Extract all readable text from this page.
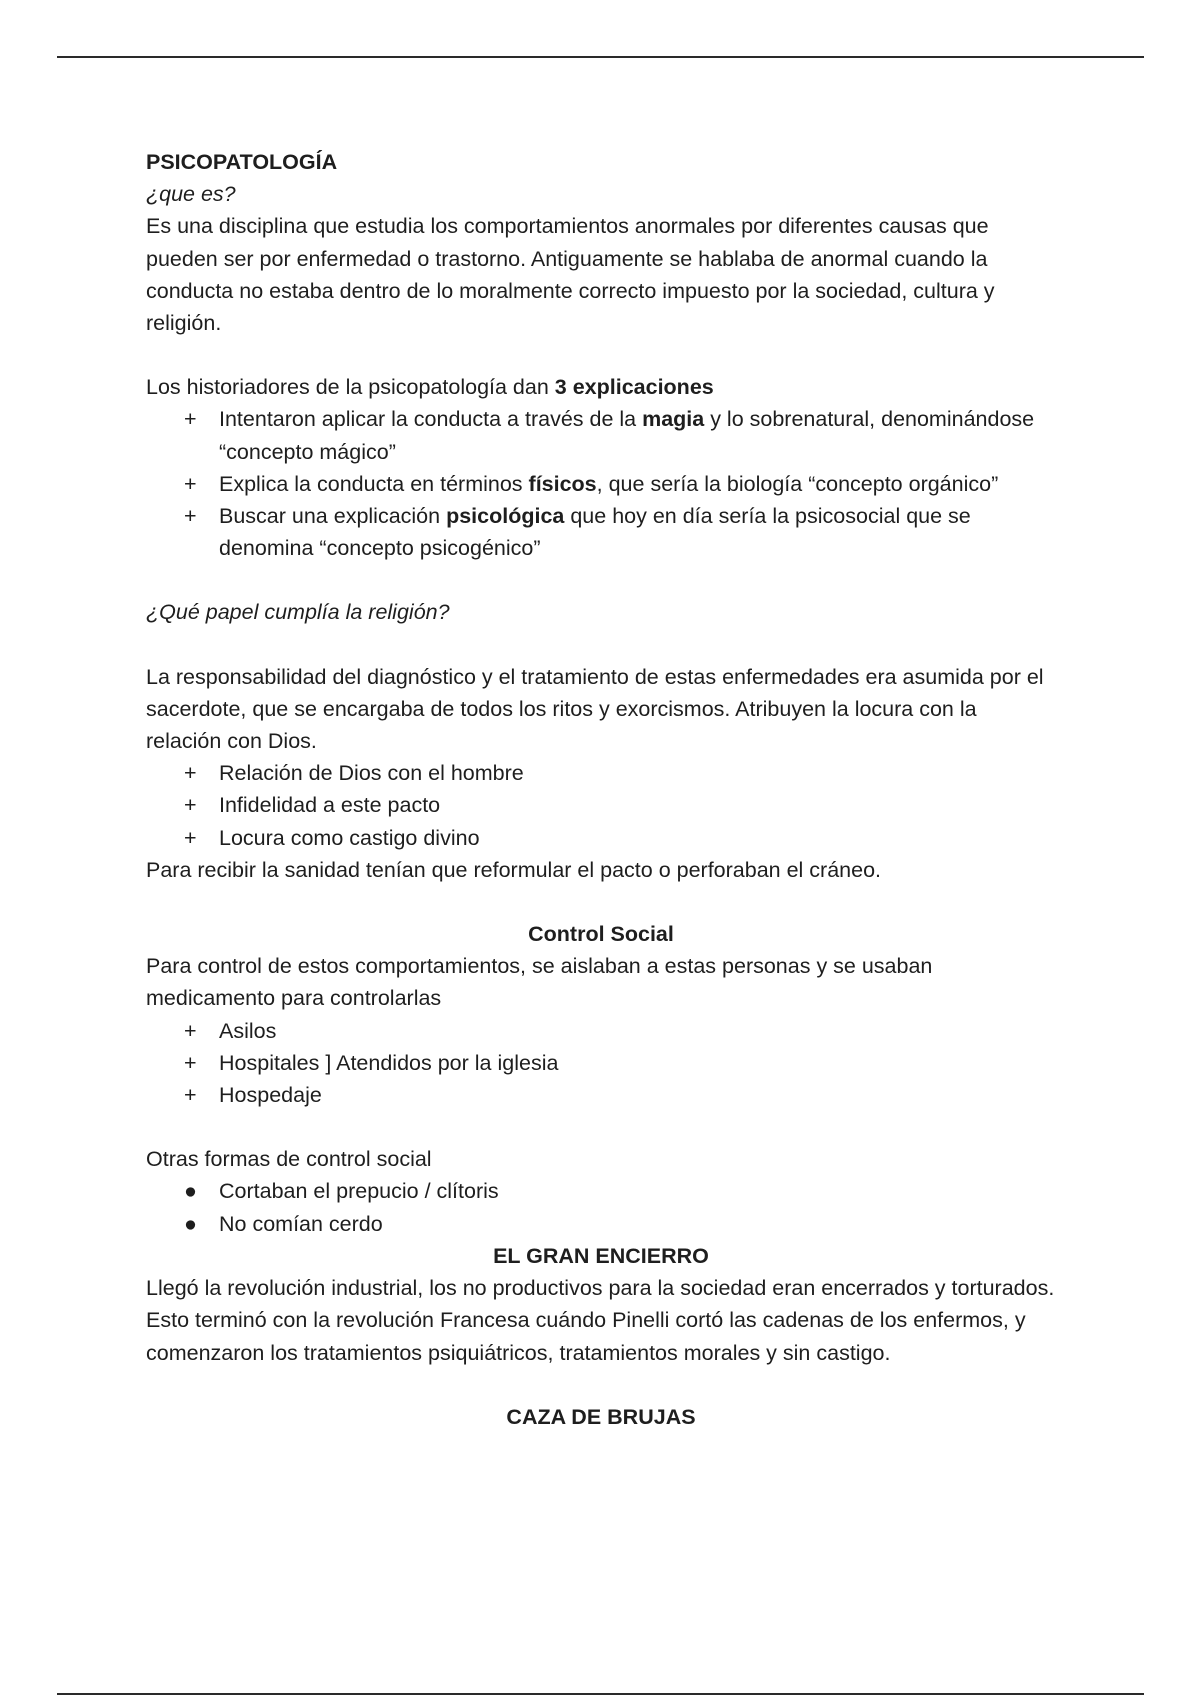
PSICOPATOLOGÍA

¿que es?

Es una disciplina que estudia los comportamientos anormales por diferentes causas que pueden ser por enfermedad o trastorno. Antiguamente se hablaba de anormal cuando la conducta no estaba dentro de lo moralmente correcto impuesto por la sociedad, cultura y religión.

Los historiadores de la psicopatología dan 3 explicaciones

+	Intentaron aplicar la conducta a través de la magia y lo sobrenatural, denominándose “concepto mágico”
+	Explica la conducta en términos físicos, que sería la biología “concepto orgánico”
+	Buscar una explicación psicológica que hoy en día sería la psicosocial que se denomina “concepto psicogénico”

¿Qué papel cumplía la religión?

La responsabilidad del diagnóstico y el tratamiento de estas enfermedades era asumida por el sacerdote, que se encargaba de todos los ritos y exorcismos. Atribuyen la locura con la relación con Dios.

+	Relación de Dios con el hombre
+	Infidelidad a este pacto
+	Locura como castigo divino

Para recibir la sanidad tenían que reformular el pacto o perforaban el cráneo.

Control Social

Para control de estos comportamientos, se aislaban a estas personas y se usaban medicamento para controlarlas

+	Asilos
+	Hospitales ] Atendidos por la iglesia
+	Hospedaje

Otras formas de control social

●	Cortaban el prepucio / clítoris
●	No comían cerdo

EL GRAN ENCIERRO

Llegó la revolución industrial, los no productivos para la sociedad eran encerrados y torturados. Esto terminó con la revolución Francesa cuándo Pinelli cortó las cadenas de los enfermos, y comenzaron los tratamientos psiquiátricos, tratamientos morales y sin castigo.

CAZA DE BRUJAS
